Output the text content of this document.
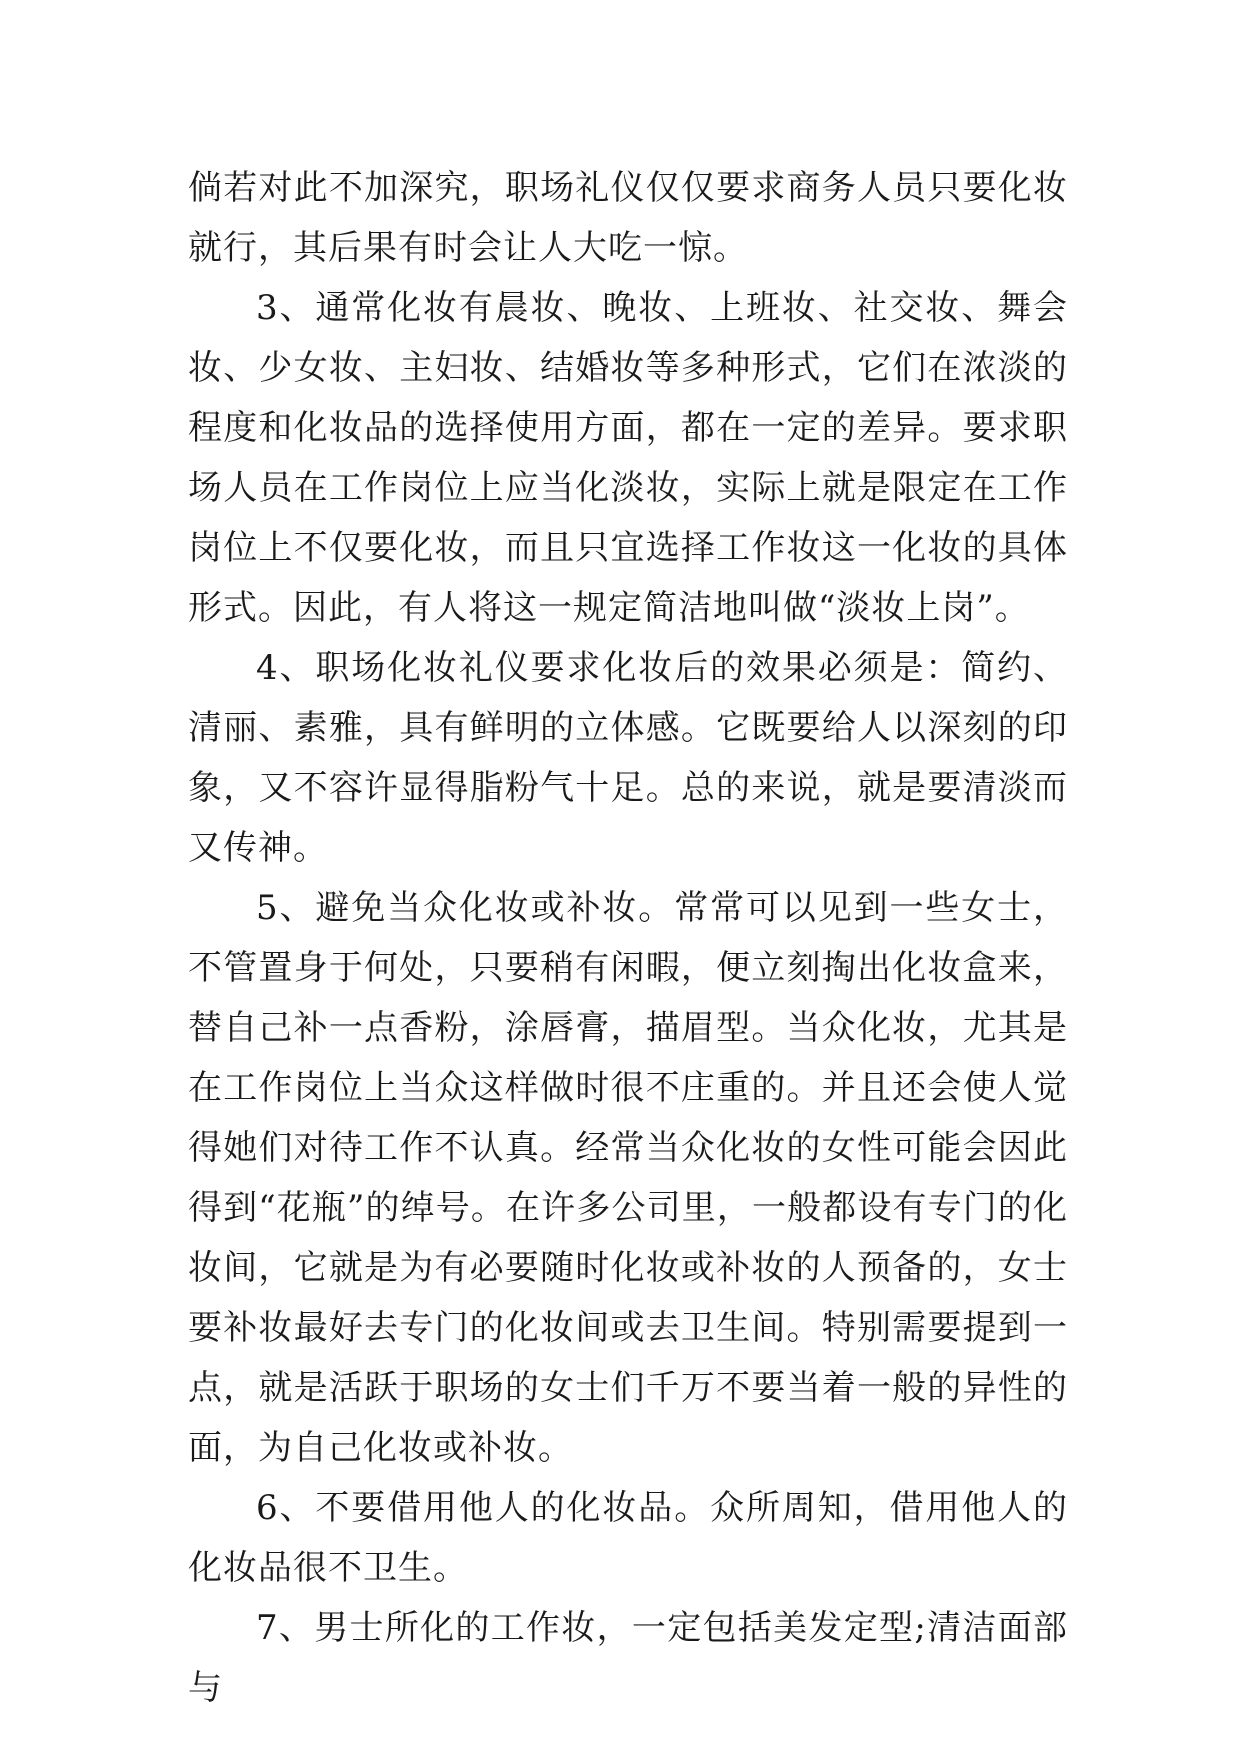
倘若对此不加深究，职场礼仪仅仅要求商务人员只要化妆就行，其后果有时会让人大吃一惊。

3、通常化妆有晨妆、晚妆、上班妆、社交妆、舞会妆、少女妆、主妇妆、结婚妆等多种形式，它们在浓淡的程度和化妆品的选择使用方面，都在一定的差异。要求职场人员在工作岗位上应当化淡妆，实际上就是限定在工作岗位上不仅要化妆，而且只宜选择工作妆这一化妆的具体形式。因此，有人将这一规定简洁地叫做“淡妆上岗”。

4、职场化妆礼仪要求化妆后的效果必须是：简约、清丽、素雅，具有鲜明的立体感。它既要给人以深刻的印象，又不容许显得脂粉气十足。总的来说，就是要清淡而又传神。

5、避免当众化妆或补妆。常常可以见到一些女士，不管置身于何处，只要稍有闲暇，便立刻掏出化妆盒来，替自己补一点香粉，涂唇膏，描眉型。当众化妆，尤其是在工作岗位上当众这样做时很不庄重的。并且还会使人觉得她们对待工作不认真。经常当众化妆的女性可能会因此得到“花瓶”的绰号。在许多公司里，一般都设有专门的化妆间，它就是为有必要随时化妆或补妆的人预备的，女士要补妆最好去专门的化妆间或去卫生间。特别需要提到一点，就是活跃于职场的女士们千万不要当着一般的异性的面，为自己化妆或补妆。

6、不要借用他人的化妆品。众所周知，借用他人的化妆品很不卫生。

7、男士所化的工作妆，一定包括美发定型;清洁面部与
